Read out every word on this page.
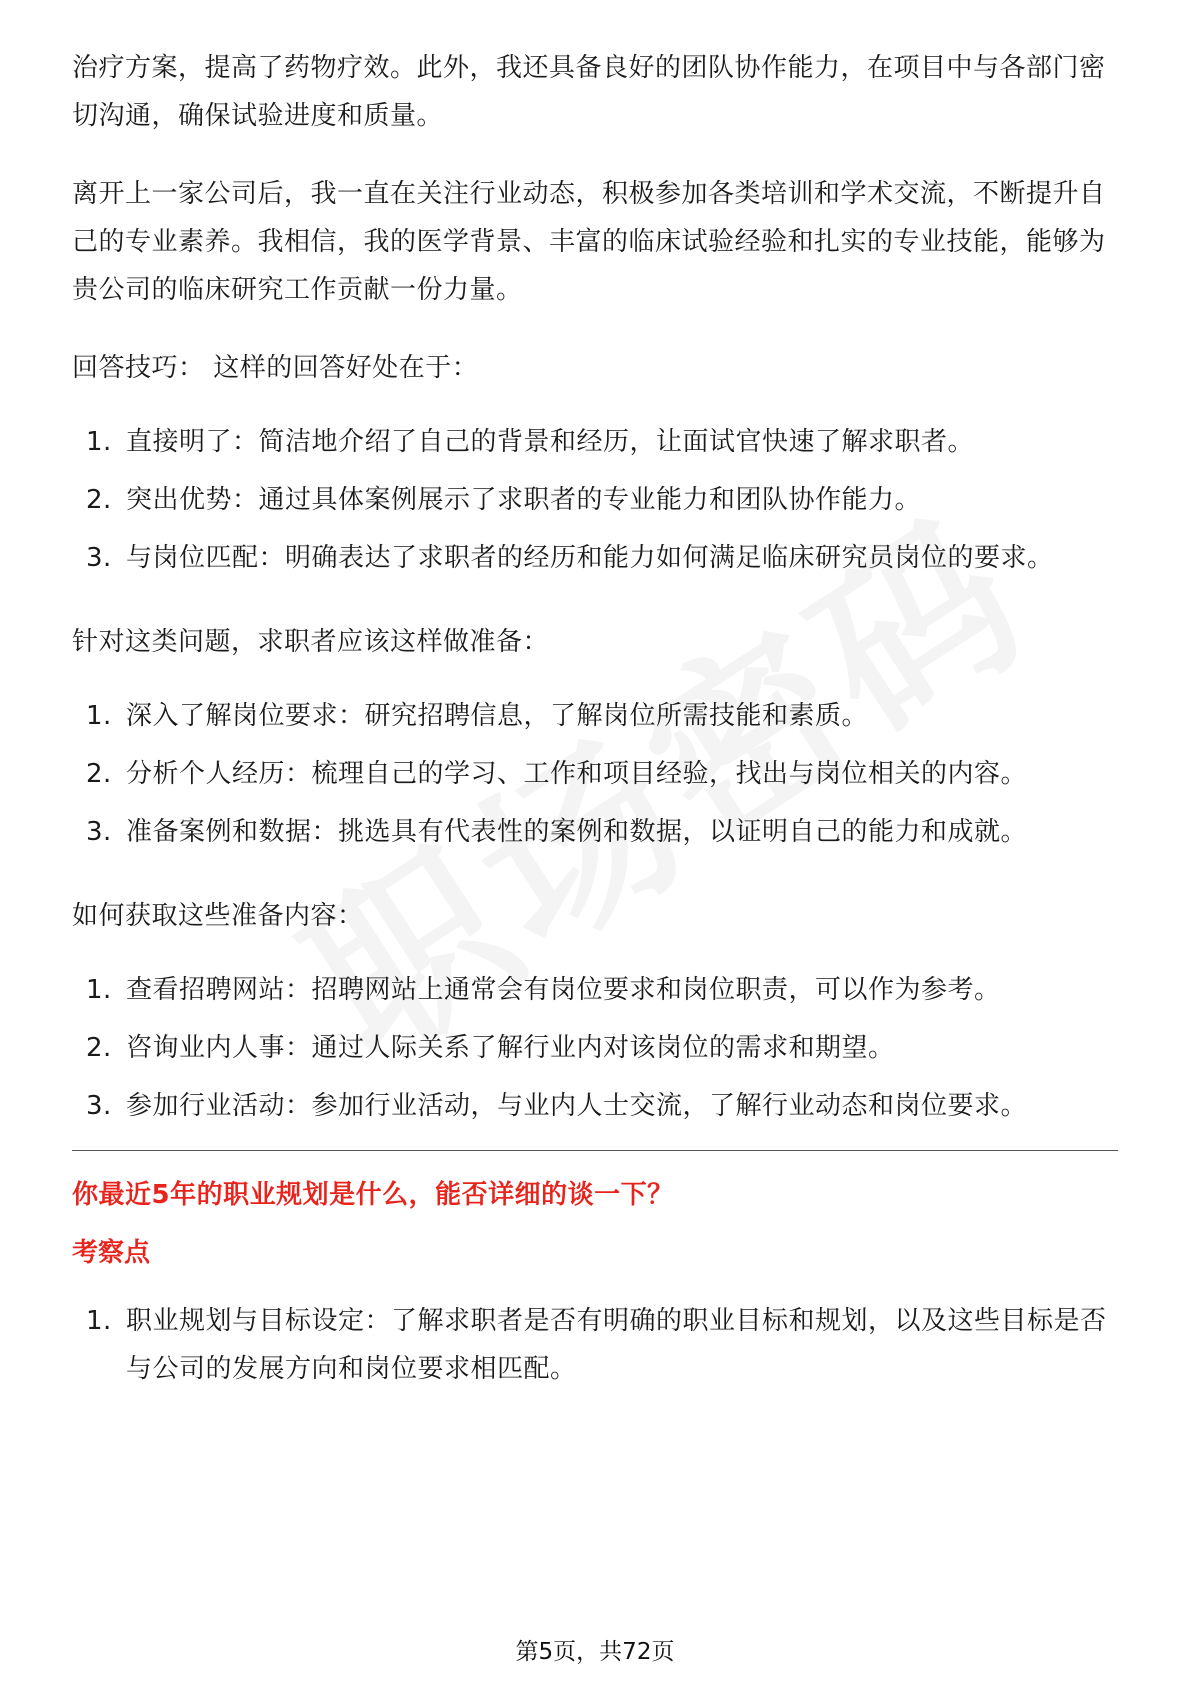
治疗方案，提高了药物疗效。此外，我还具备良好的团队协作能力，在项目中与各部门密切沟通，确保试验进度和质量。

离开上一家公司后，我一直在关注行业动态，积极参加各类培训和学术交流，不断提升自己的专业素养。我相信，我的医学背景、丰富的临床试验经验和扎实的专业技能，能够为贵公司的临床研究工作贡献一份力量。

回答技巧： 这样的回答好处在于：

1. 直接明了：简洁地介绍了自己的背景和经历，让面试官快速了解求职者。
2. 突出优势：通过具体案例展示了求职者的专业能力和团队协作能力。
3. 与岗位匹配：明确表达了求职者的经历和能力如何满足临床研究员岗位的要求。

针对这类问题，求职者应该这样做准备：

1. 深入了解岗位要求：研究招聘信息，了解岗位所需技能和素质。
2. 分析个人经历：梳理自己的学习、工作和项目经验，找出与岗位相关的内容。
3. 准备案例和数据：挑选具有代表性的案例和数据，以证明自己的能力和成就。

如何获取这些准备内容：

1. 查看招聘网站：招聘网站上通常会有岗位要求和岗位职责，可以作为参考。
2. 咨询业内人事：通过人际关系了解行业内对该岗位的需求和期望。
3. 参加行业活动：参加行业活动，与业内人士交流，了解行业动态和岗位要求。

你最近5年的职业规划是什么，能否详细的谈一下？

考察点

1. 职业规划与目标设定：了解求职者是否有明确的职业目标和规划，以及这些目标是否与公司的发展方向和岗位要求相匹配。
第5页，共72页
